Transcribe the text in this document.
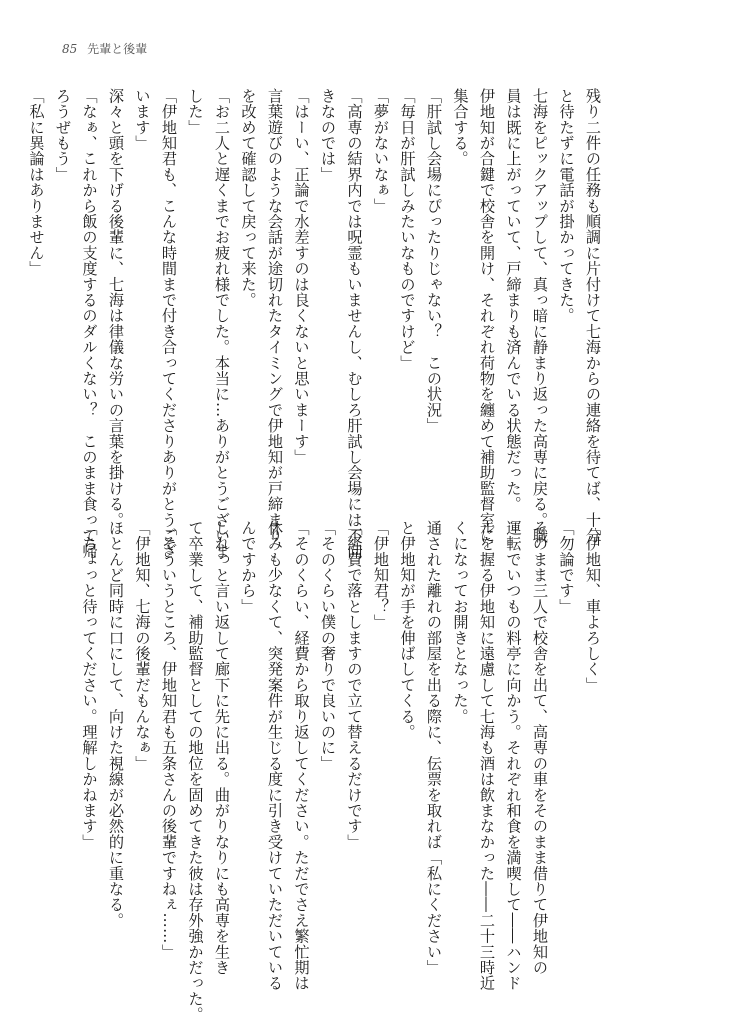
85 先輩と後輩

残り二件の任務も順調に片付けて七海からの連絡を待てば、十分

と待たずに電話が掛かってきた。

七海をピックアップして、真っ暗に静まり返った高専に戻る。職

員は既に上がっていて、戸締まりも済んでいる状態だった。

伊地知が合鍵で校舎を開け、それぞれ荷物を纏めて補助監督室に

集合する。

「肝試し会場にぴったりじゃない？　この状況」

「毎日が肝試しみたいなものですけど」

「夢がないなぁ」

「高専の結界内では呪霊もいませんし、むしろ肝試し会場には不向

きなのでは」

「はーい、正論で水差すのは良くないと思いまーす」

言葉遊びのような会話が途切れたタイミングで伊地知が戸締まり

を改めて確認して戻って来た。

「お二人と遅くまでお疲れ様でした。本当に…ありがとうございま

した」

「伊地知君も、こんな時間まで付き合ってくださりありがとうござ

います」

深々と頭を下げる後輩に、七海は律儀な労いの言葉を掛ける。

「なぁ、これから飯の支度するのダルくない？　このまま食って帰

ろうぜもう」

「私に異論はありません」

「伊地知、車よろしく」

「勿論です」

そのまま三人で校舎を出て、高専の車をそのまま借りて伊地知の

運転でいつもの料亭に向かう。それぞれ和食を満喫して――ハンド

ルを握る伊地知に遠慮して七海も酒は飲まなかった――二十三時近

くになってお開きとなった。

通された離れの部屋を出る際に、伝票を取れば「私にください」

と伊地知が手を伸ばしてくる。

「伊地知君？」

「経費で落としますので立て替えるだけです」

「そのくらい僕の奢りで良いのに」

「そのくらい、経費から取り返してください。ただでさえ繁忙期は

休みも少なくて、突発案件が生じる度に引き受けていただいている

んですから」

しれっと言い返して廊下に先に出る。曲がりなりにも高専を生き

て卒業して、補助監督としての地位を固めてきた彼は存外強かだった。

「そういうところ、伊地知君も五条さんの後輩ですねぇ……」

「伊地知、七海の後輩だもんなぁ」

ほとんど同時に口にして、向けた視線が必然的に重なる。

「ちょっと待ってください。理解しかねます」
